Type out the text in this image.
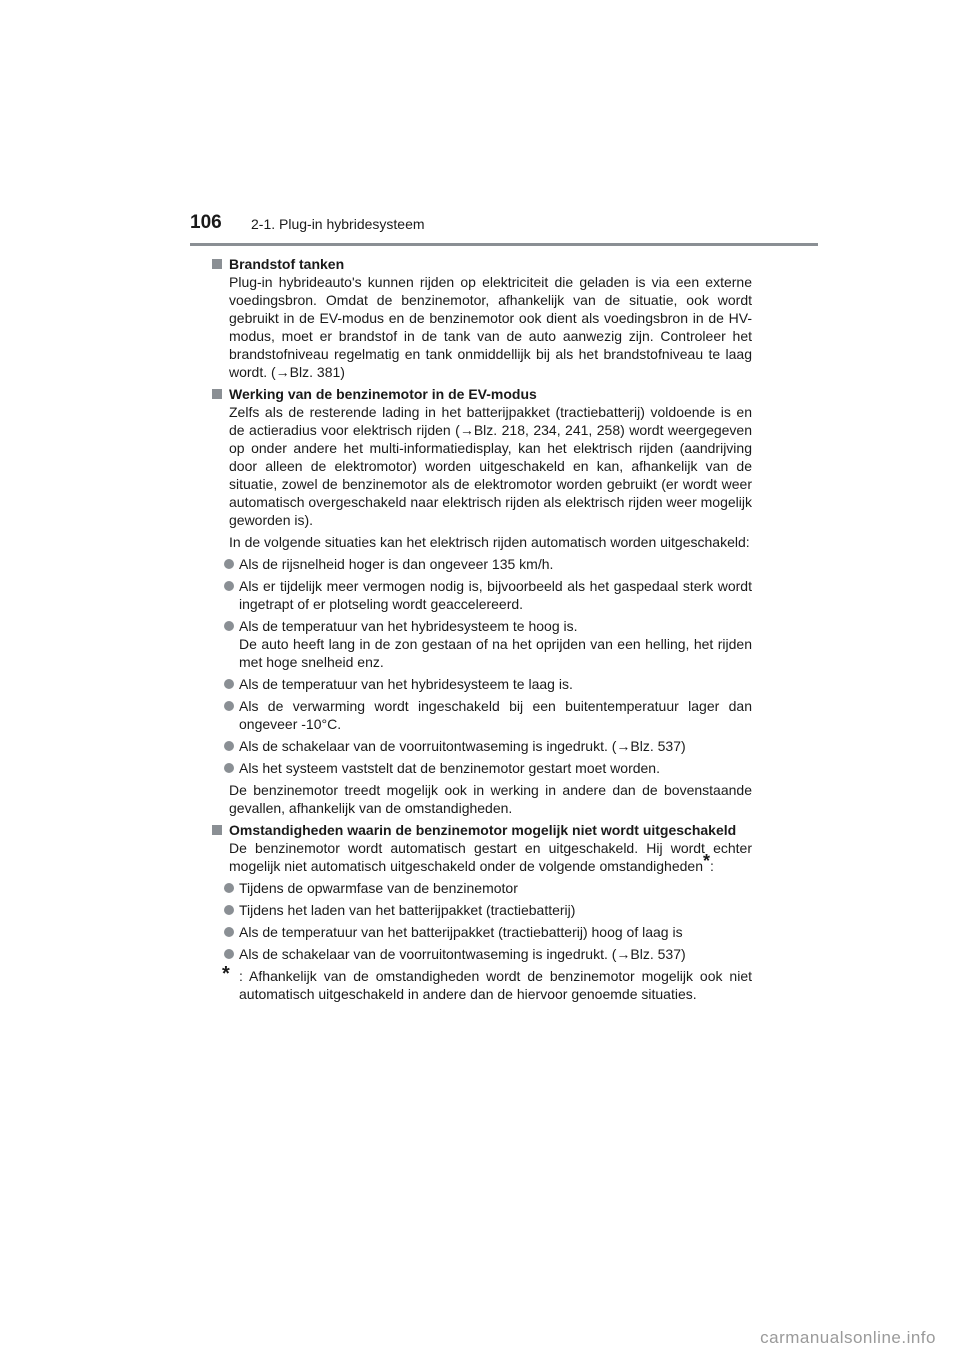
106 2-1. Plug-in hybridesysteem
Brandstof tanken
Plug-in hybrideauto's kunnen rijden op elektriciteit die geladen is via een externe voedingsbron. Omdat de benzinemotor, afhankelijk van de situatie, ook wordt gebruikt in de EV-modus en de benzinemotor ook dient als voedingsbron in de HV-modus, moet er brandstof in de tank van de auto aanwezig zijn. Controleer het brandstofniveau regelmatig en tank onmiddellijk bij als het brandstofniveau te laag wordt. (→Blz. 381)
Werking van de benzinemotor in de EV-modus
Zelfs als de resterende lading in het batterijpakket (tractiebatterij) voldoende is en de actieradius voor elektrisch rijden (→Blz. 218, 234, 241, 258) wordt weergegeven op onder andere het multi-informatiedisplay, kan het elektrisch rijden (aandrijving door alleen de elektromotor) worden uitgeschakeld en kan, afhankelijk van de situatie, zowel de benzinemotor als de elektromotor worden gebruikt (er wordt weer automatisch overgeschakeld naar elektrisch rijden als elektrisch rijden weer mogelijk geworden is).
In de volgende situaties kan het elektrisch rijden automatisch worden uitgeschakeld:
Als de rijsnelheid hoger is dan ongeveer 135 km/h.
Als er tijdelijk meer vermogen nodig is, bijvoorbeeld als het gaspedaal sterk wordt ingetrapt of er plotseling wordt geaccelereerd.
Als de temperatuur van het hybridesysteem te hoog is.
De auto heeft lang in de zon gestaan of na het oprijden van een helling, het rijden met hoge snelheid enz.
Als de temperatuur van het hybridesysteem te laag is.
Als de verwarming wordt ingeschakeld bij een buitentemperatuur lager dan ongeveer -10°C.
Als de schakelaar van de voorruitontwaseming is ingedrukt. (→Blz. 537)
Als het systeem vaststelt dat de benzinemotor gestart moet worden.
De benzinemotor treedt mogelijk ook in werking in andere dan de bovenstaande gevallen, afhankelijk van de omstandigheden.
Omstandigheden waarin de benzinemotor mogelijk niet wordt uitgeschakeld
De benzinemotor wordt automatisch gestart en uitgeschakeld. Hij wordt echter mogelijk niet automatisch uitgeschakeld onder de volgende omstandigheden*:
Tijdens de opwarmfase van de benzinemotor
Tijdens het laden van het batterijpakket (tractiebatterij)
Als de temperatuur van het batterijpakket (tractiebatterij) hoog of laag is
Als de schakelaar van de voorruitontwaseming is ingedrukt. (→Blz. 537)
* : Afhankelijk van de omstandigheden wordt de benzinemotor mogelijk ook niet automatisch uitgeschakeld in andere dan de hiervoor genoemde situaties.
carmanualsonline.info
